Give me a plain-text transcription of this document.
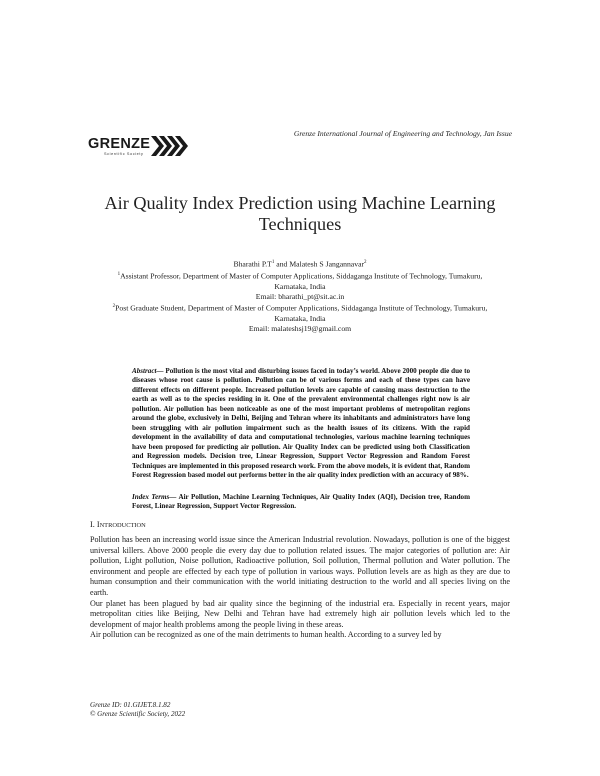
Grenze International Journal of Engineering and Technology, Jan Issue
GRENZE
Scientific Society
Air Quality Index Prediction using Machine Learning
Techniques
Bharathi $P.T^1$ and Malatesh S Jangannavar$^2$
$^1$Assistant Professor, Department of Master of Computer Applications, Siddaganga Institute of Technology, Tumakuru,
Karnataka, India
Email: bharathi_pt@sit.ac.in
$^2$Post Graduate Student, Department of Master of Computer Applications, Siddaganga Institute of Technology, Tumakuru,
Karnataka, India
Email: malateshsj19@gmail.com
Abstract— Pollution is the most vital and disturbing issues faced in today’s world. Above 2000 people die due to diseases whose root cause is pollution. Pollution can be of various forms and each of these types can have different effects on different people. Increased pollution levels are capable of causing mass destruction to the earth as well as to the species residing in it. One of the prevalent environmental challenges right now is air pollution. Air pollution has been noticeable as one of the most important problems of metropolitan regions around the globe, exclusively in Delhi, Beijing and Tehran where its inhabitants and administrators have long been struggling with air pollution impairment such as the health issues of its citizens. With the rapid development in the availability of data and computational technologies, various machine learning techniques have been proposed for predicting air pollution. Air Quality Index can be predicted using both Classification and Regression models. Decision tree, Linear Regression, Support Vector Regression and Random Forest Techniques are implemented in this proposed research work. From the above models, it is evident that, Random Forest Regression based model out performs better in the air quality index prediction with an accuracy of 98%.
Index Terms— Air Pollution, Machine Learning Techniques, Air Quality Index (AQI), Decision tree, Random Forest, Linear Regression, Support Vector Regression.
I. INTRODUCTION

Pollution has been an increasing world issue since the American Industrial revolution. Nowadays, pollution is one of the biggest universal killers. Above 2000 people die every day due to pollution related issues. The major categories of pollution are: Air pollution, Light pollution, Noise pollution, Radioactive pollution, Soil pollution, Thermal pollution and Water pollution. The environment and people are effected by each type of pollution in various ways. Pollution levels are as high as they are due to human consumption and their communication with the world initiating destruction to the world and all species living on the earth.

Our planet has been plagued by bad air quality since the beginning of the industrial era. Especially in recent years, major metropolitan cities like Beijing, New Delhi and Tehran have had extremely high air pollution levels which led to the development of major health problems among the people living in these areas.

Air pollution can be recognized as one of the main detriments to human health. According to a survey led by

Grenze ID: 01.GIJET.8.1.82
© Grenze Scientific Society, 2022
